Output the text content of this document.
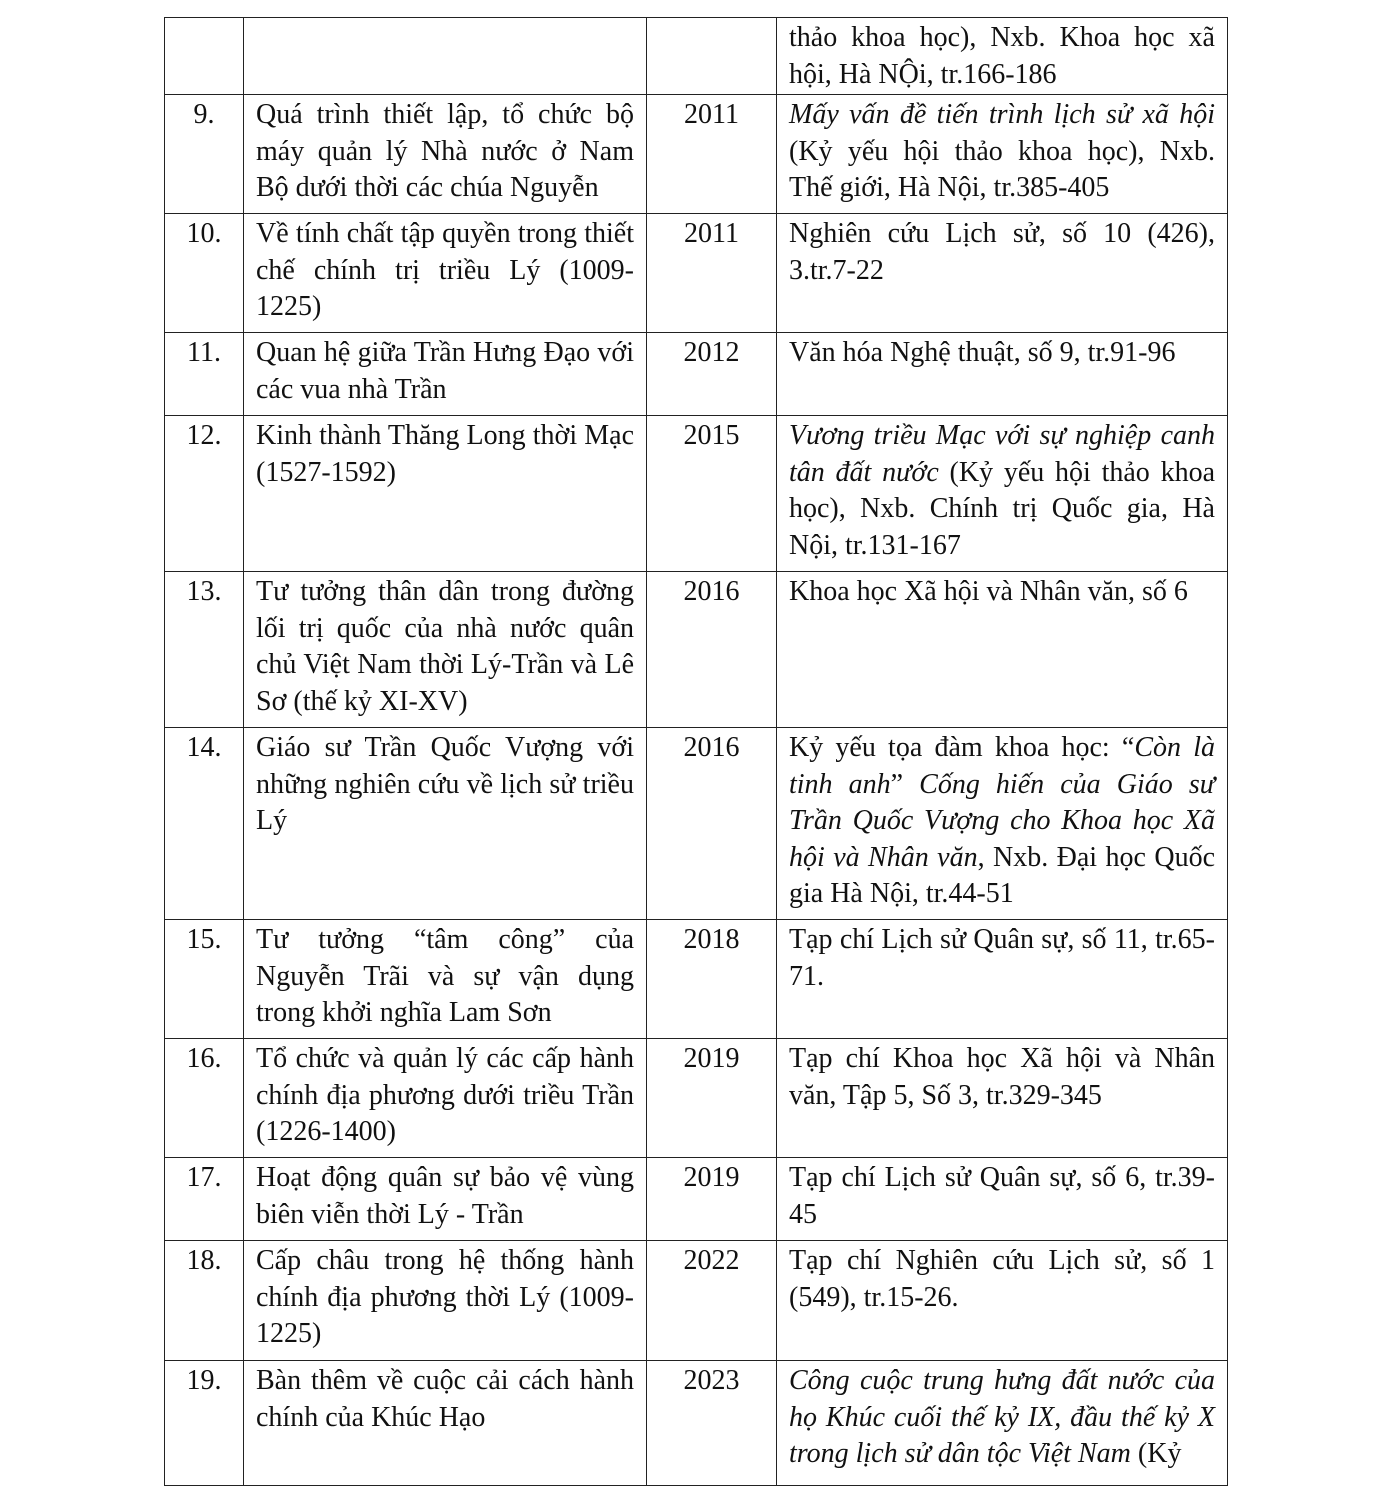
			thảo khoa học), Nxb. Khoa học xã hội, Hà NỘi, tr.166-186
9.	Quá trình thiết lập, tổ chức bộ máy quản lý Nhà nước ở Nam Bộ dưới thời các chúa Nguyễn	2011	Mấy vấn đề tiến trình lịch sử xã hội (Kỷ yếu hội thảo khoa học), Nxb. Thế giới, Hà Nội, tr.385-405
10.	Về tính chất tập quyền trong thiết chế chính trị triều Lý (1009-1225)	2011	Nghiên cứu Lịch sử, số 10 (426), 3.tr.7-22
11.	Quan hệ giữa Trần Hưng Đạo với các vua nhà Trần	2012	Văn hóa Nghệ thuật, số 9, tr.91-96
12.	Kinh thành Thăng Long thời Mạc (1527-1592)	2015	Vương triều Mạc với sự nghiệp canh tân đất nước (Kỷ yếu hội thảo khoa học), Nxb. Chính trị Quốc gia, Hà Nội, tr.131-167
13.	Tư tưởng thân dân trong đường lối trị quốc của nhà nước quân chủ Việt Nam thời Lý-Trần và Lê Sơ (thế kỷ XI-XV)	2016	Khoa học Xã hội và Nhân văn, số 6
14.	Giáo sư Trần Quốc Vượng với những nghiên cứu về lịch sử triều Lý	2016	Kỷ yếu tọa đàm khoa học: “Còn là tinh anh” Cống hiến của Giáo sư Trần Quốc Vượng cho Khoa học Xã hội và Nhân văn, Nxb. Đại học Quốc gia Hà Nội, tr.44-51
15.	Tư tưởng “tâm công” của Nguyễn Trãi và sự vận dụng trong khởi nghĩa Lam Sơn	2018	Tạp chí Lịch sử Quân sự, số 11, tr.65-71.
16.	Tổ chức và quản lý các cấp hành chính địa phương dưới triều Trần (1226-1400)	2019	Tạp chí Khoa học Xã hội và Nhân văn, Tập 5, Số 3, tr.329-345
17.	Hoạt động quân sự bảo vệ vùng biên viễn thời Lý - Trần	2019	Tạp chí Lịch sử Quân sự, số 6, tr.39-45
18.	Cấp châu trong hệ thống hành chính địa phương thời Lý (1009-1225)	2022	Tạp chí Nghiên cứu Lịch sử, số 1 (549), tr.15-26.
19.	Bàn thêm về cuộc cải cách hành chính của Khúc Hạo	2023	Công cuộc trung hưng đất nước của họ Khúc cuối thế kỷ IX, đầu thế kỷ X trong lịch sử dân tộc Việt Nam (Kỷ
